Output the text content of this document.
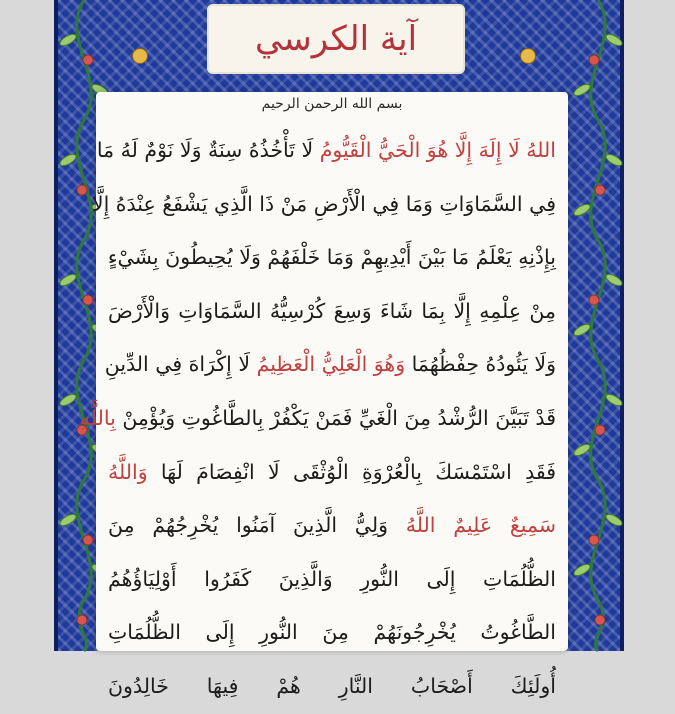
آية الكرسي
بسم الله الرحمن الرحيم
اللهُ لَا إِلَهَ إِلَّا هُوَ الْحَيُّ الْقَيُّومُ لَا تَأْخُذُهُ سِنَةٌ وَلَا نَوْمٌ لَهُ مَا
فِي السَّمَاوَاتِ وَمَا فِي الْأَرْضِ مَنْ ذَا الَّذِي يَشْفَعُ عِنْدَهُ إِلَّا
بِإِذْنِهِ يَعْلَمُ مَا بَيْنَ أَيْدِيهِمْ وَمَا خَلْفَهُمْ وَلَا يُحِيطُونَ بِشَيْءٍ
مِنْ عِلْمِهِ إِلَّا بِمَا شَاءَ وَسِعَ كُرْسِيُّهُ السَّمَاوَاتِ وَالْأَرْضَ
وَلَا يَئُودُهُ حِفْظُهُمَا وَهُوَ الْعَلِيُّ الْعَظِيمُ لَا إِكْرَاهَ فِي الدِّينِ
قَدْ تَبَيَّنَ الرُّشْدُ مِنَ الْغَيِّ فَمَنْ يَكْفُرْ بِالطَّاغُوتِ وَيُؤْمِنْ بِاللَّهِ
فَقَدِ اسْتَمْسَكَ بِالْعُرْوَةِ الْوُثْقَى لَا انْفِصَامَ لَهَا وَاللَّهُ
سَمِيعٌ عَلِيمٌ اللَّهُ وَلِيُّ الَّذِينَ آمَنُوا يُخْرِجُهُمْ مِنَ
الظُّلُمَاتِ إِلَى النُّورِ وَالَّذِينَ كَفَرُوا أَوْلِيَاؤُهُمُ
الطَّاغُوتُ يُخْرِجُونَهُمْ مِنَ النُّورِ إِلَى الظُّلُمَاتِ
أُولَئِكَ أَصْحَابُ النَّارِ هُمْ فِيهَا خَالِدُونَ
